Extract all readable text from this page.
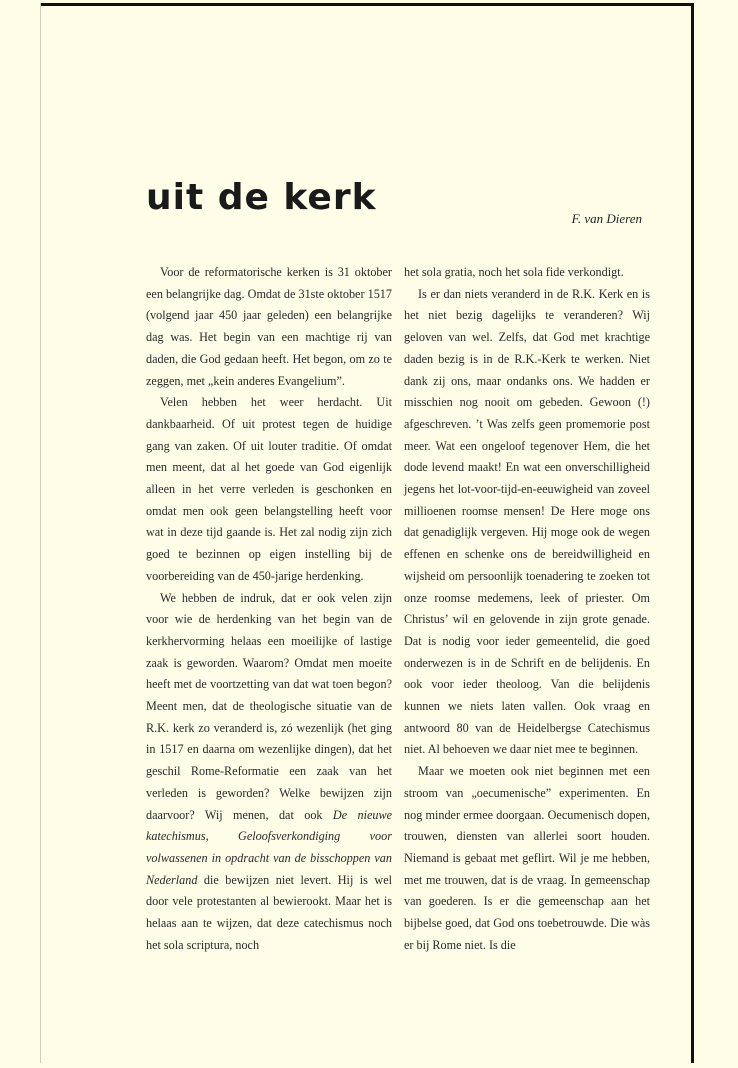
uit de kerk
F. van Dieren

Voor de reformatorische kerken is 31 oktober een belangrijke dag. Omdat de 31ste oktober 1517 (volgend jaar 450 jaar geleden) een belangrijke dag was. Het begin van een machtige rij van daden, die God gedaan heeft. Het begon, om zo te zeggen, met „kein anderes Evangelium”.

Velen hebben het weer herdacht. Uit dankbaarheid. Of uit protest tegen de huidige gang van zaken. Of uit louter traditie. Of omdat men meent, dat al het goede van God eigenlijk alleen in het verre verleden is geschonken en omdat men ook geen belangstelling heeft voor wat in deze tijd gaande is. Het zal nodig zijn zich goed te bezinnen op eigen instelling bij de voorbereiding van de 450-jarige herdenking.

We hebben de indruk, dat er ook velen zijn voor wie de herdenking van het begin van de kerkhervorming helaas een moeilijke of lastige zaak is geworden. Waarom? Omdat men moeite heeft met de voortzetting van dat wat toen begon? Meent men, dat de theologische situatie van de R.K. kerk zo veranderd is, zó wezenlijk (het ging in 1517 en daarna om wezenlijke dingen), dat het geschil Rome-Reformatie een zaak van het verleden is geworden? Welke bewijzen zijn daarvoor? Wij menen, dat ook De nieuwe katechismus, Geloofsverkondiging voor volwassenen in opdracht van de bisschoppen van Nederland die bewijzen niet levert. Hij is wel door vele protestanten al bewierookt. Maar het is helaas aan te wijzen, dat deze catechismus noch het sola scriptura, noch

het sola gratia, noch het sola fide verkondigt.

Is er dan niets veranderd in de R.K. Kerk en is het niet bezig dagelijks te veranderen? Wij geloven van wel. Zelfs, dat God met krachtige daden bezig is in de R.K.-Kerk te werken. Niet dank zij ons, maar ondanks ons. We hadden er misschien nog nooit om gebeden. Gewoon (!) afgeschreven. ’t Was zelfs geen promemorie post meer. Wat een ongeloof tegenover Hem, die het dode levend maakt! En wat een onverschilligheid jegens het lot-voor-tijd-en-eeuwigheid van zoveel millioenen roomse mensen! De Here moge ons dat genadiglijk vergeven. Hij moge ook de wegen effenen en schenke ons de bereidwilligheid en wijsheid om persoonlijk toenadering te zoeken tot onze roomse medemens, leek of priester. Om Christus’ wil en gelovende in zijn grote genade. Dat is nodig voor ieder gemeentelid, die goed onderwezen is in de Schrift en de belijdenis. En ook voor ieder theoloog. Van die belijdenis kunnen we niets laten vallen. Ook vraag en antwoord 80 van de Heidelbergse Catechismus niet. Al behoeven we daar niet mee te beginnen.

Maar we moeten ook niet beginnen met een stroom van „oecumenische” experimenten. En nog minder ermee doorgaan. Oecumenisch dopen, trouwen, diensten van allerlei soort houden. Niemand is gebaat met geflirt. Wil je me hebben, met me trouwen, dat is de vraag. In gemeenschap van goederen. Is er die gemeenschap aan het bijbelse goed, dat God ons toebetrouwde. Die wàs er bij Rome niet. Is die
